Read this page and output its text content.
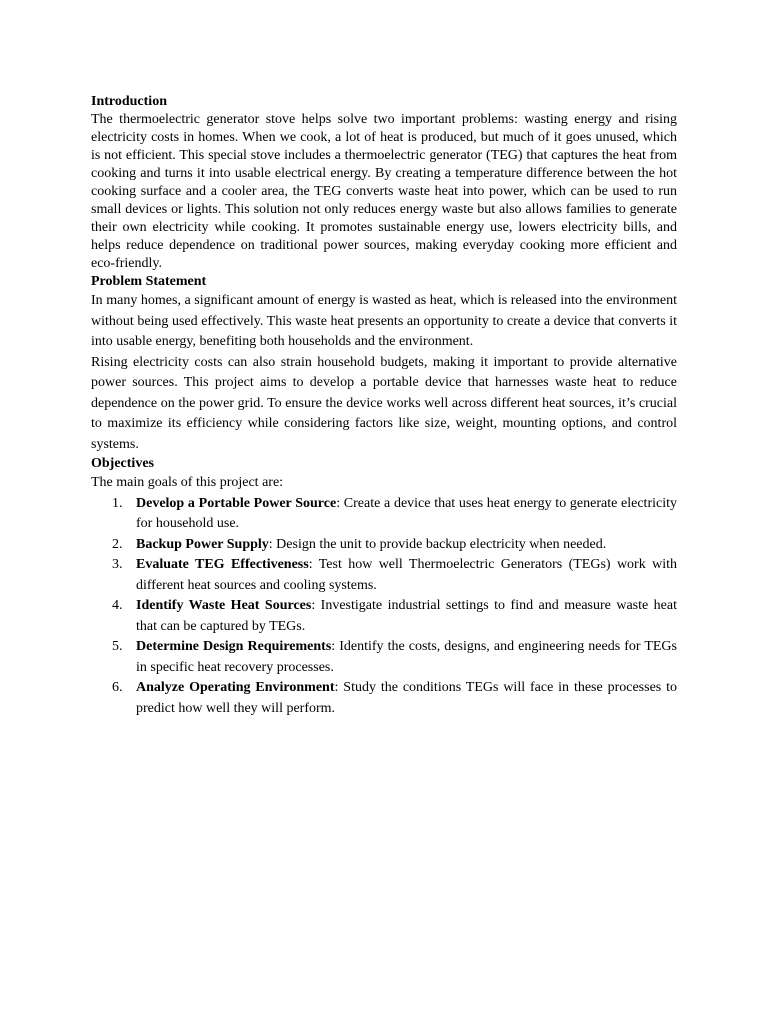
Introduction

The thermoelectric generator stove helps solve two important problems: wasting energy and rising electricity costs in homes. When we cook, a lot of heat is produced, but much of it goes unused, which is not efficient. This special stove includes a thermoelectric generator (TEG) that captures the heat from cooking and turns it into usable electrical energy. By creating a temperature difference between the hot cooking surface and a cooler area, the TEG converts waste heat into power, which can be used to run small devices or lights. This solution not only reduces energy waste but also allows families to generate their own electricity while cooking. It promotes sustainable energy use, lowers electricity bills, and helps reduce dependence on traditional power sources, making everyday cooking more efficient and eco-friendly.

Problem Statement

In many homes, a significant amount of energy is wasted as heat, which is released into the environment without being used effectively. This waste heat presents an opportunity to create a device that converts it into usable energy, benefiting both households and the environment.

Rising electricity costs can also strain household budgets, making it important to provide alternative power sources. This project aims to develop a portable device that harnesses waste heat to reduce dependence on the power grid. To ensure the device works well across different heat sources, it’s crucial to maximize its efficiency while considering factors like size, weight, mounting options, and control systems.

Objectives

The main goals of this project are:

1. Develop a Portable Power Source: Create a device that uses heat energy to generate electricity for household use.
2. Backup Power Supply: Design the unit to provide backup electricity when needed.
3. Evaluate TEG Effectiveness: Test how well Thermoelectric Generators (TEGs) work with different heat sources and cooling systems.
4. Identify Waste Heat Sources: Investigate industrial settings to find and measure waste heat that can be captured by TEGs.
5. Determine Design Requirements: Identify the costs, designs, and engineering needs for TEGs in specific heat recovery processes.
6. Analyze Operating Environment: Study the conditions TEGs will face in these processes to predict how well they will perform.
